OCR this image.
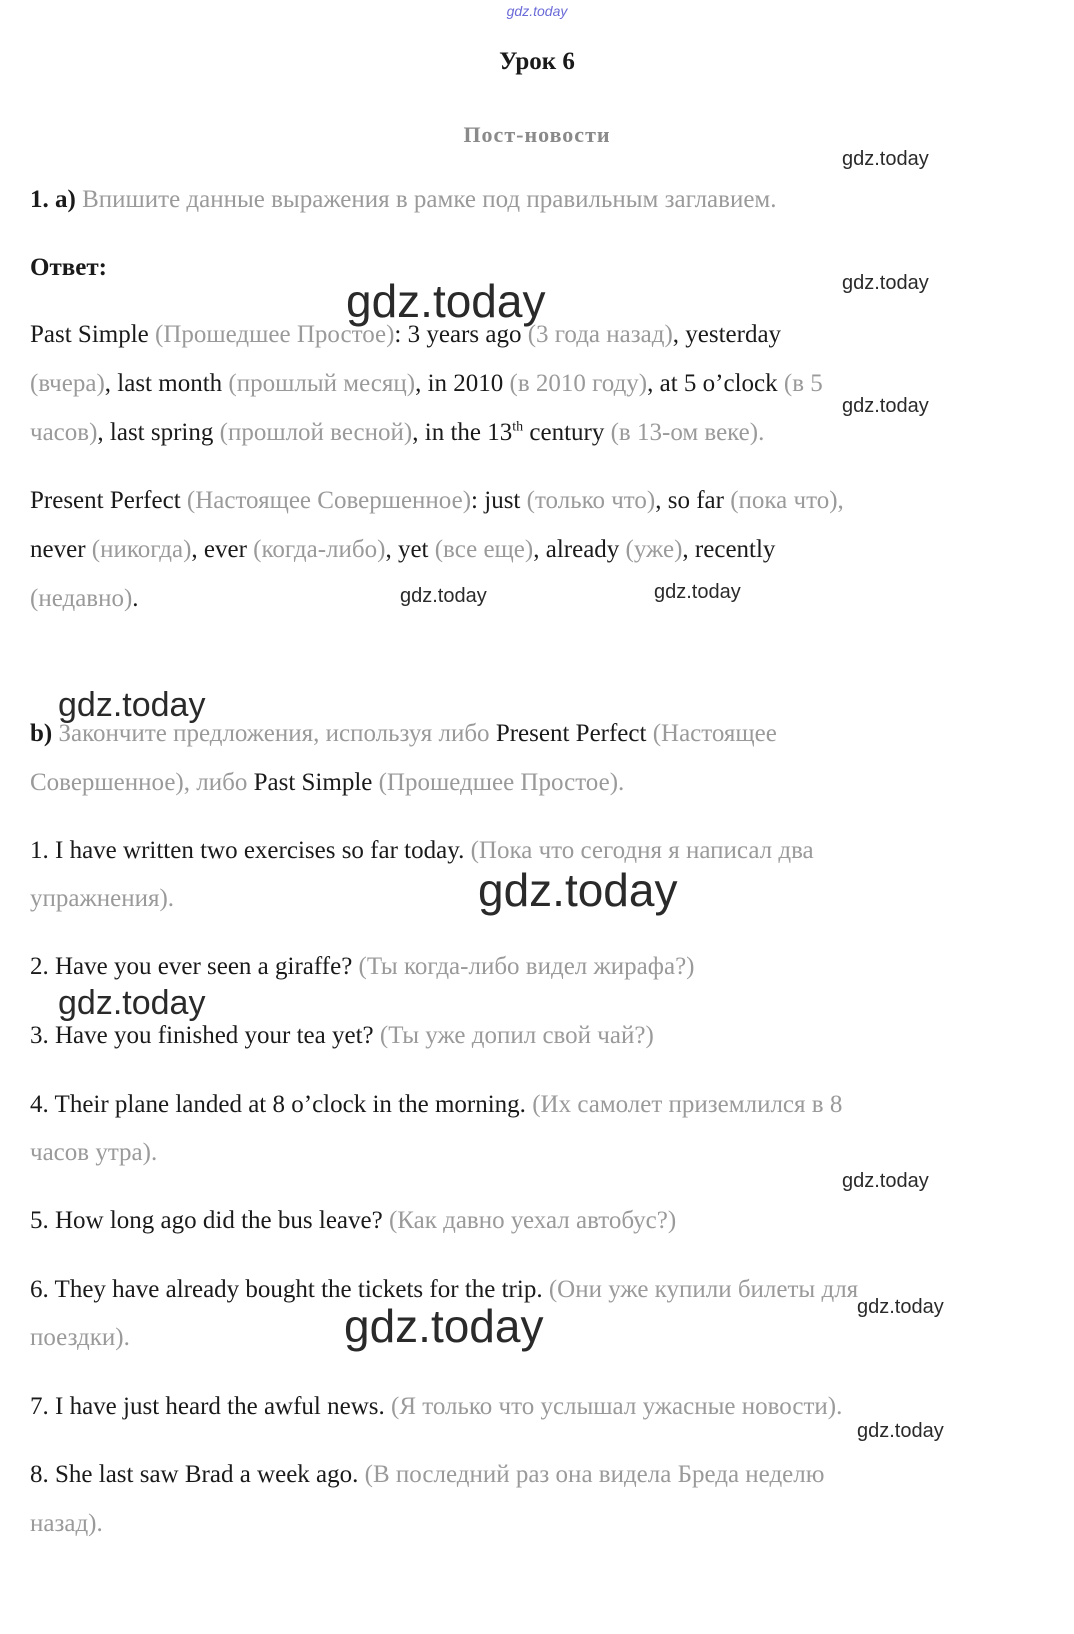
gdz.today
Урок 6
Пост-новости
1. a) Впишите данные выражения в рамке под правильным заглавием.
Ответ:
Past Simple (Прошедшее Простое): 3 years ago (3 года назад), yesterday
(вчера), last month (прошлый месяц), in 2010 (в 2010 году), at 5 o’clock (в 5
часов), last spring (прошлой весной), in the 13th century (в 13-ом веке).
Present Perfect (Настоящее Совершенное): just (только что), so far (пока что),
never (никогда), ever (когда-либо), yet (все еще), already (уже), recently
(недавно).
b) Закончите предложения, используя либо Present Perfect (Настоящее
Совершенное), либо Past Simple (Прошедшее Простое).
1. I have written two exercises so far today. (Пока что сегодня я написал два
упражнения).
2. Have you ever seen a giraffe? (Ты когда-либо видел жирафа?)
3. Have you finished your tea yet? (Ты уже допил свой чай?)
4. Their plane landed at 8 o’clock in the morning. (Их самолет приземлился в 8
часов утра).
5. How long ago did the bus leave? (Как давно уехал автобус?)
6. They have already bought the tickets for the trip. (Они уже купили билеты для
поездки).
7. I have just heard the awful news. (Я только что услышал ужасные новости).
8. She last saw Brad a week ago. (В последний раз она видела Бреда неделю
назад).
gdz.today
gdz.today
gdz.today
gdz.today
gdz.today	gdz.today
gdz.today
gdz.today
gdz.today
gdz.today
gdz.today
gdz.today
gdz.today
